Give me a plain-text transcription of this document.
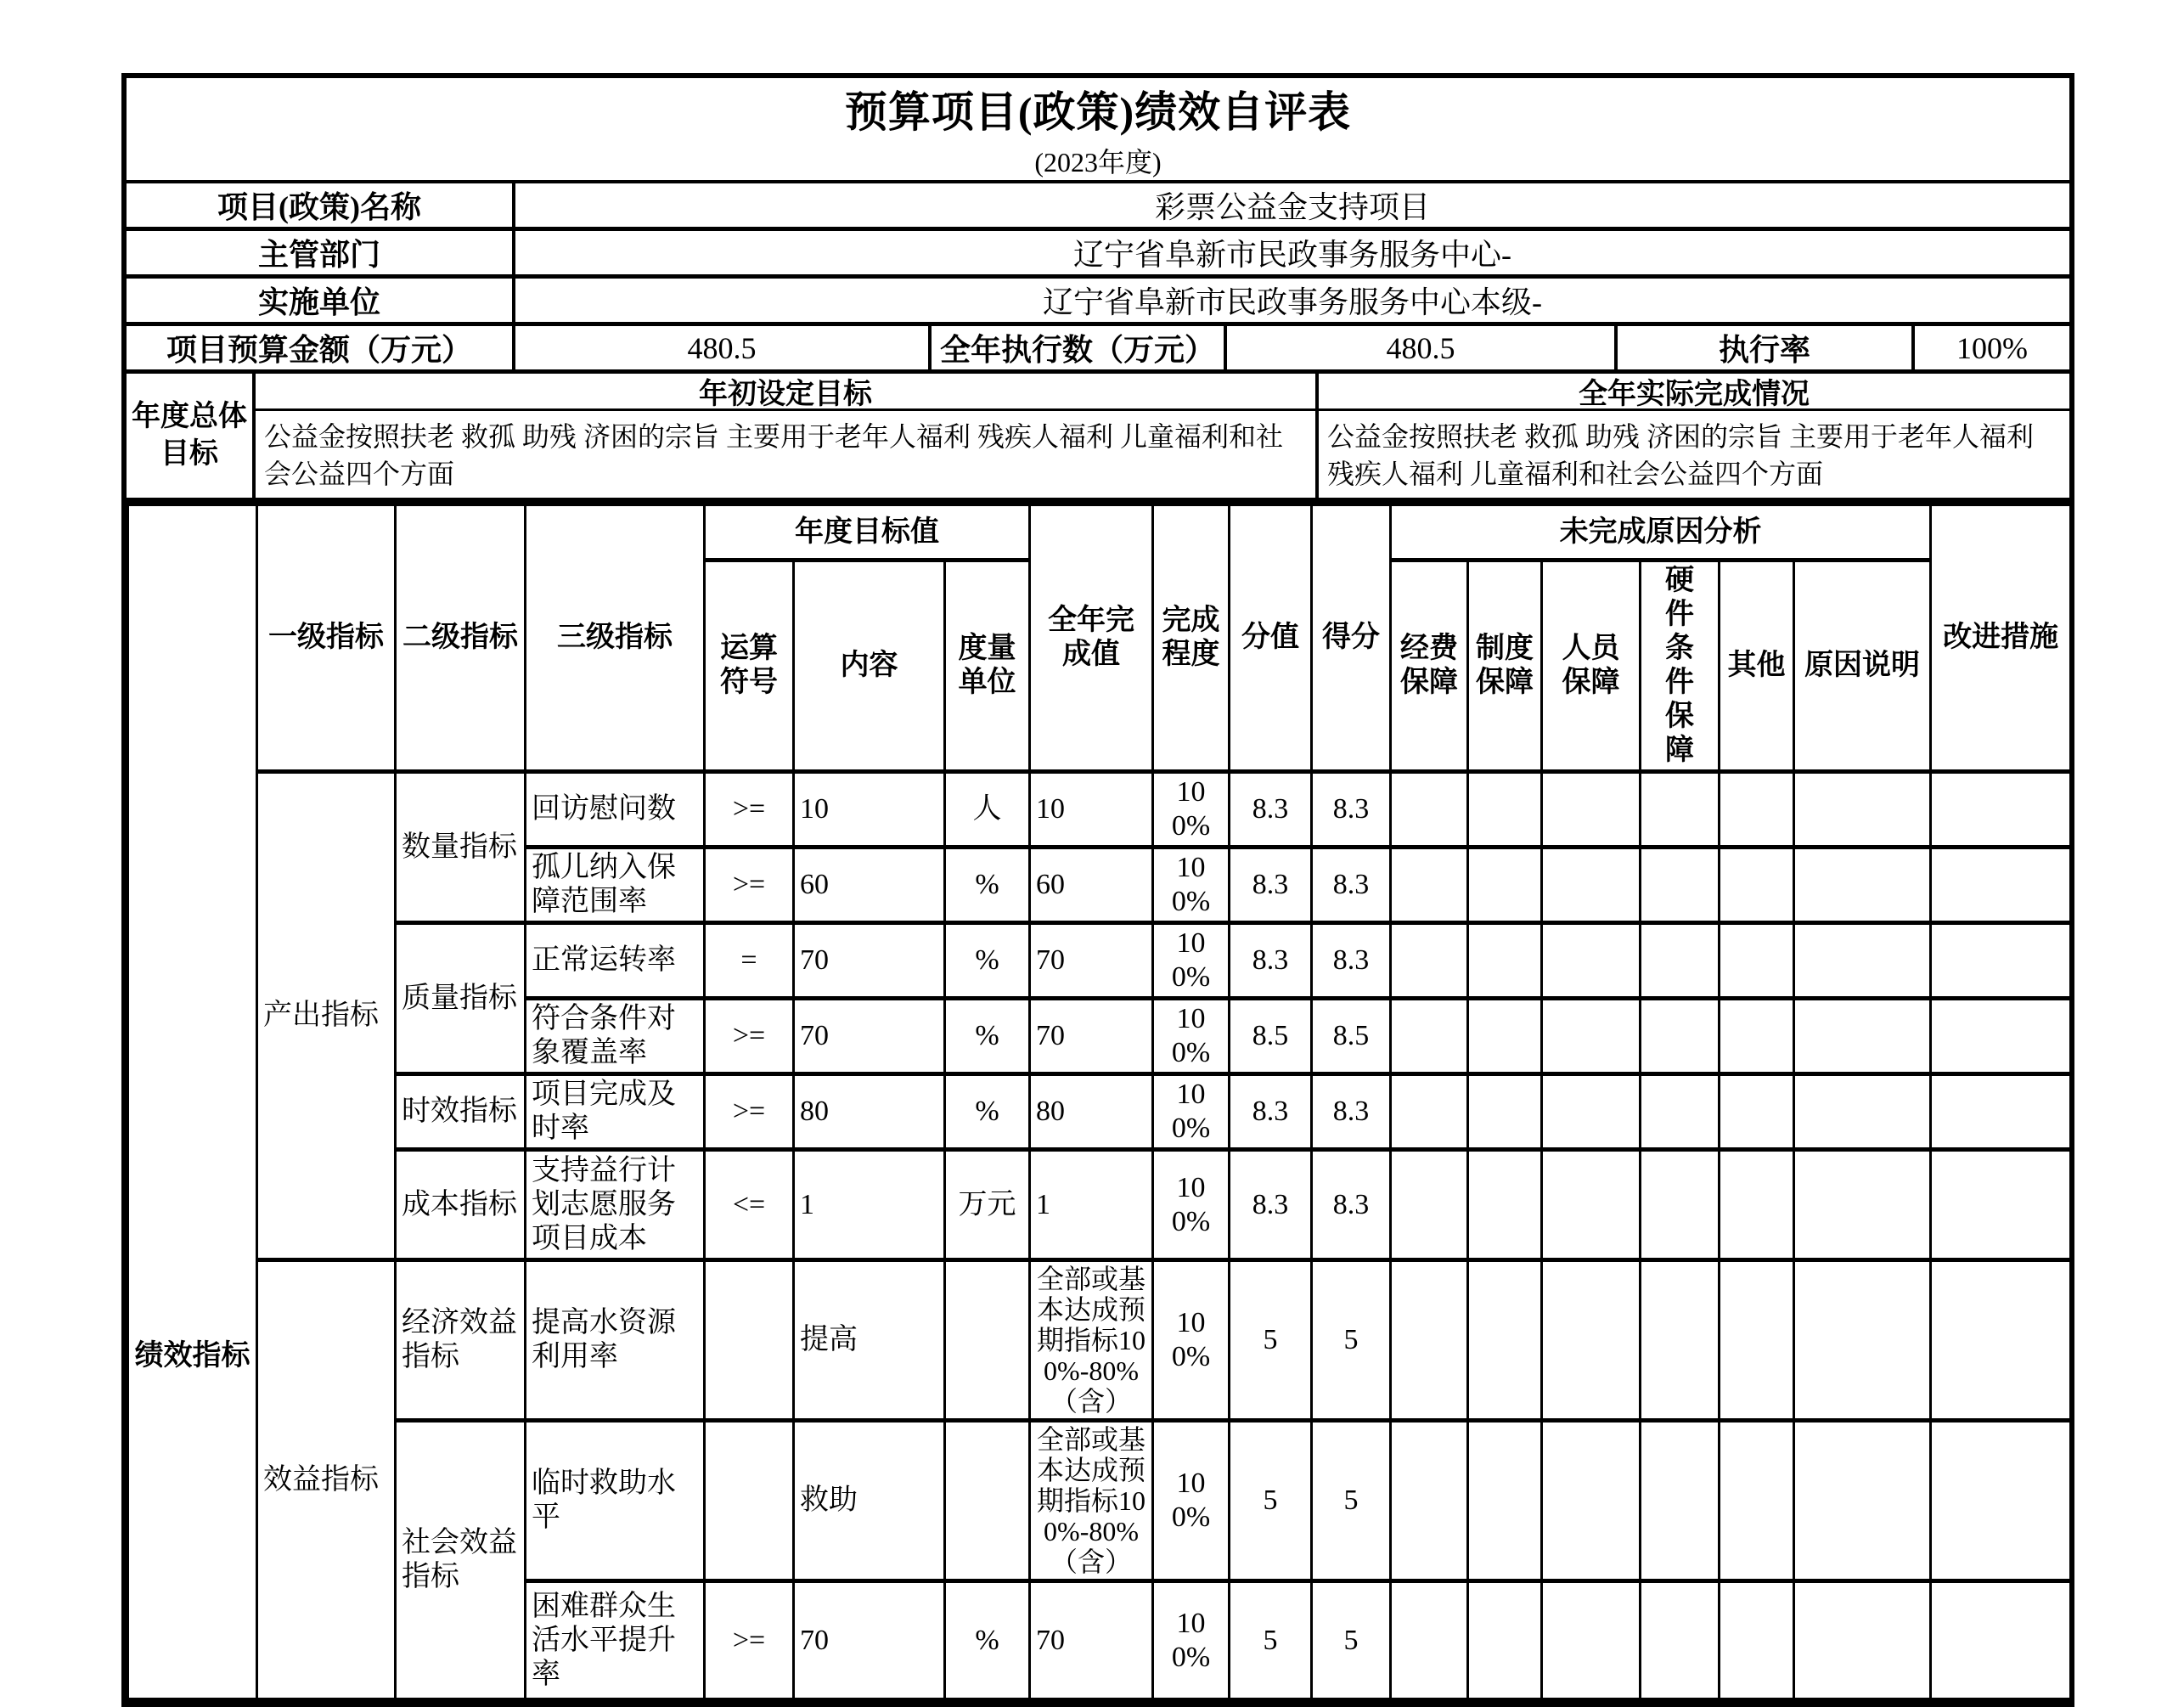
预算项目(政策)绩效自评表
(2023年度)
项目(政策)名称	彩票公益金支持项目
主管部门	辽宁省阜新市民政事务服务中心-
实施单位	辽宁省阜新市民政事务服务中心本级-
项目预算金额（万元）	480.5	全年执行数（万元）	480.5	执行率	100%
年度总体目标
年初设定目标
公益金按照扶老 救孤 助残 济困的宗旨 主要用于老年人福利 残疾人福利 儿童福利和社会公益四个方面
全年实际完成情况
公益金按照扶老 救孤 助残 济困的宗旨 主要用于老年人福利 残疾人福利 儿童福利和社会公益四个方面
绩效指标	一级指标	二级指标	三级指标	年度目标值			全年完成值	完成程度	分值	得分	未完成原因分析						改进措施
				运算符号	内容	度量单位					经费保障	制度保障	人员保障	硬件条件保障	其他	原因说明	
	产出指标	数量指标	回访慰问数	>=	10	人	10	100%	8.3	8.3							
			孤儿纳入保障范围率	>=	60	%	60	100%	8.3	8.3							
		质量指标	正常运转率	=	70	%	70	100%	8.3	8.3							
			符合条件对象覆盖率	>=	70	%	70	100%	8.5	8.5							
		时效指标	项目完成及时率	>=	80	%	80	100%	8.3	8.3							
		成本指标	支持益行计划志愿服务项目成本	<=	1	万元	1	100%	8.3	8.3							
	效益指标	经济效益指标	提高水资源利用率		提高		全部或基本达成预期指标100%-80%（含）	100%	5	5							
		社会效益指标	临时救助水平		救助		全部或基本达成预期指标100%-80%（含）	100%	5	5							
			困难群众生活水平提升率	>=	70	%	70	100%	5	5							
